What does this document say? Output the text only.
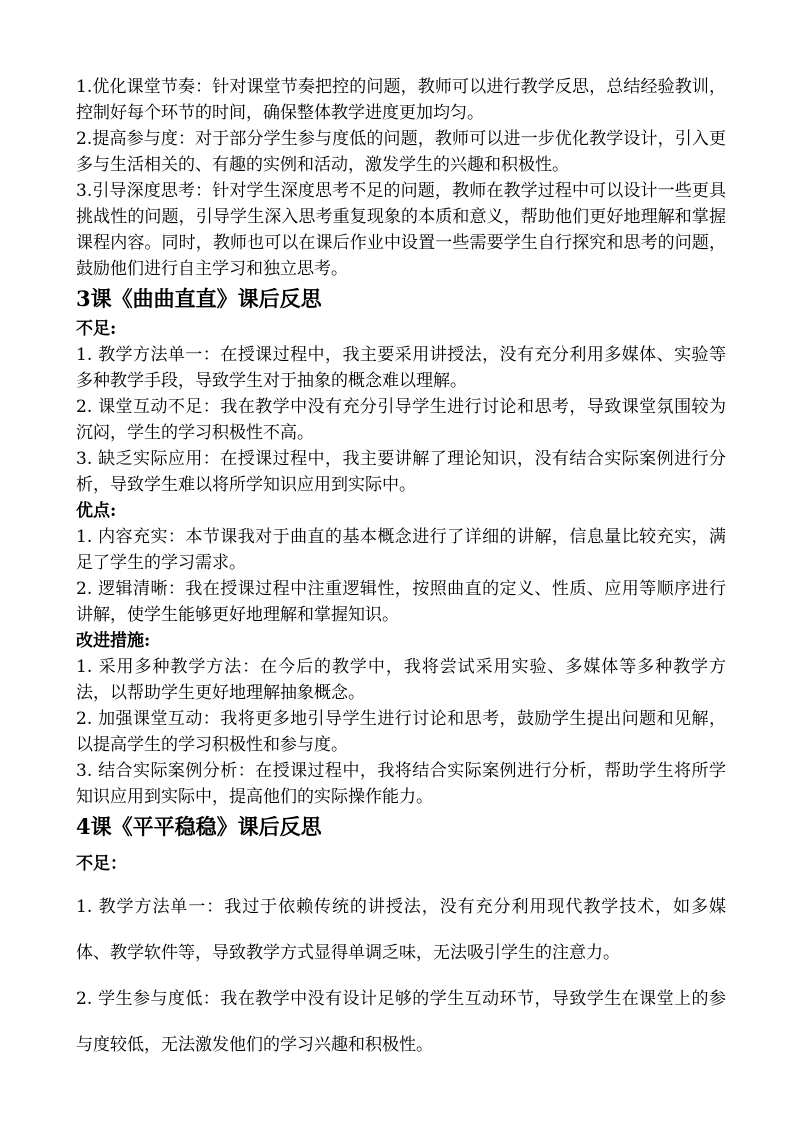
1.优化课堂节奏：针对课堂节奏把控的问题，教师可以进行教学反思，总结经验教训，控制好每个环节的时间，确保整体教学进度更加均匀。

2.提高参与度：对于部分学生参与度低的问题，教师可以进一步优化教学设计，引入更多与生活相关的、有趣的实例和活动，激发学生的兴趣和积极性。

3.引导深度思考：针对学生深度思考不足的问题，教师在教学过程中可以设计一些更具挑战性的问题，引导学生深入思考重复现象的本质和意义，帮助他们更好地理解和掌握课程内容。同时，教师也可以在课后作业中设置一些需要学生自行探究和思考的问题，鼓励他们进行自主学习和独立思考。

3课《曲曲直直》课后反思

不足:

1. 教学方法单一：在授课过程中，我主要采用讲授法，没有充分利用多媒体、实验等多种教学手段，导致学生对于抽象的概念难以理解。

2. 课堂互动不足：我在教学中没有充分引导学生进行讨论和思考，导致课堂氛围较为沉闷，学生的学习积极性不高。

3. 缺乏实际应用：在授课过程中，我主要讲解了理论知识，没有结合实际案例进行分析，导致学生难以将所学知识应用到实际中。

优点:

1. 内容充实：本节课我对于曲直的基本概念进行了详细的讲解，信息量比较充实，满足了学生的学习需求。

2. 逻辑清晰：我在授课过程中注重逻辑性，按照曲直的定义、性质、应用等顺序进行讲解，使学生能够更好地理解和掌握知识。

改进措施:

1. 采用多种教学方法：在今后的教学中，我将尝试采用实验、多媒体等多种教学方法，以帮助学生更好地理解抽象概念。

2. 加强课堂互动：我将更多地引导学生进行讨论和思考，鼓励学生提出问题和见解，以提高学生的学习积极性和参与度。

3. 结合实际案例分析：在授课过程中，我将结合实际案例进行分析，帮助学生将所学知识应用到实际中，提高他们的实际操作能力。

4课《平平稳稳》课后反思

不足：

1. 教学方法单一：我过于依赖传统的讲授法，没有充分利用现代教学技术，如多媒体、教学软件等，导致教学方式显得单调乏味，无法吸引学生的注意力。

2. 学生参与度低：我在教学中没有设计足够的学生互动环节，导致学生在课堂上的参与度较低，无法激发他们的学习兴趣和积极性。
